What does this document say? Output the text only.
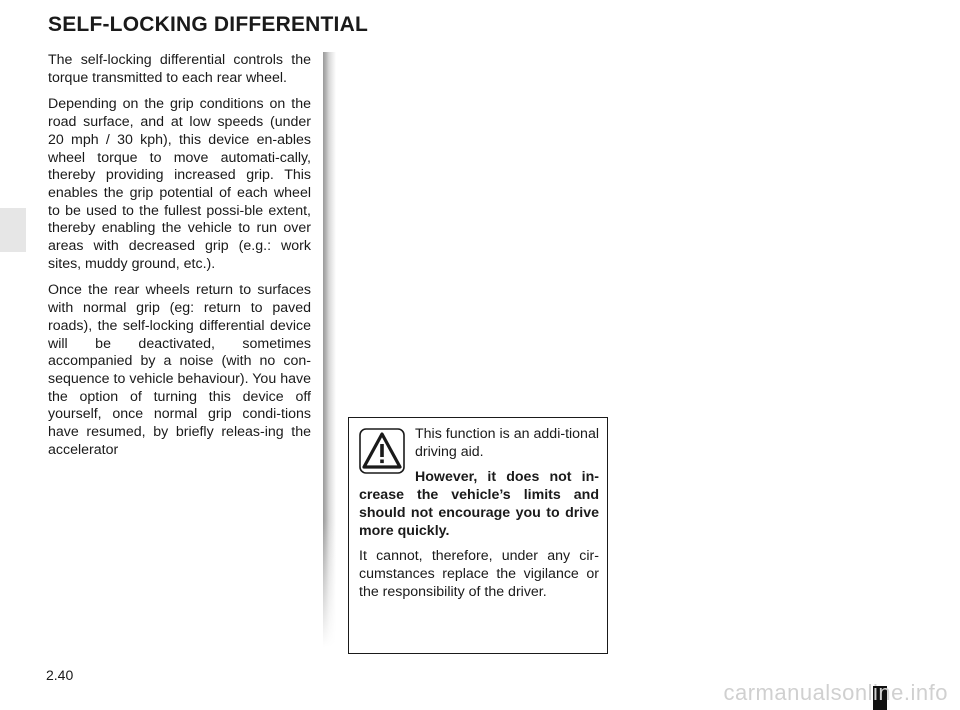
SELF-LOCKING DIFFERENTIAL

The self-locking differential controls the torque transmitted to each rear wheel.

Depending on the grip conditions on the road surface, and at low speeds (under 20 mph / 30 kph), this device en-ables wheel torque to move automati-cally, thereby providing increased grip. This enables the grip potential of each wheel to be used to the fullest possi-ble extent, thereby enabling the vehicle to run over areas with decreased grip (e.g.: work sites, muddy ground, etc.).

Once the rear wheels return to surfaces with normal grip (eg: return to paved roads), the self-locking differential device will be deactivated, sometimes accompanied by a noise (with no con-sequence to vehicle behaviour). You have the option of turning this device off yourself, once normal grip condi-tions have resumed, by briefly releas-ing the accelerator

This function is an addi-tional driving aid.

However, it does not in-crease the vehicle’s limits and should not encourage you to drive more quickly.

It cannot, therefore, under any cir-cumstances replace the vigilance or the responsibility of the driver.

2.40
carmanualsonline.info
